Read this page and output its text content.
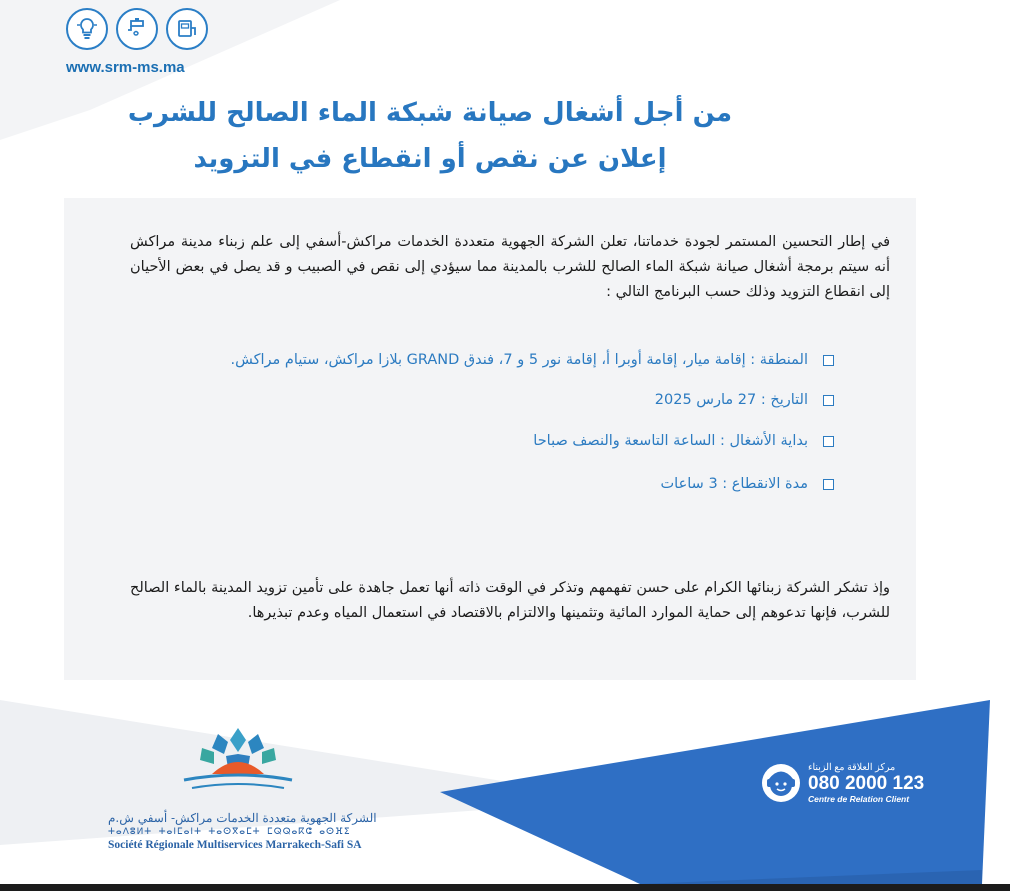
www.srm-ms.ma
من أجل أشغال صيانة شبكة الماء الصالح للشرب
إعلان عن نقص أو انقطاع في التزويد
في إطار التحسين المستمر لجودة خدماتنا، تعلن الشركة الجهوية متعددة الخدمات مراكش-أسفي إلى علم زبناء مدينة مراكش أنه سيتم برمجة أشغال صيانة شبكة الماء الصالح للشرب بالمدينة مما سيؤدي إلى نقص في الصبيب و قد يصل في بعض الأحيان إلى انقطاع التزويد وذلك حسب البرنامج التالي :
المنطقة : إقامة ميار، إقامة أوبرا أ، إقامة نور 5 و 7، فندق GRAND بلازا مراكش، ستيام مراكش.
التاريخ : 27 مارس 2025
بداية الأشغال : الساعة التاسعة والنصف صباحا
مدة الانقطاع : 3 ساعات
وإذ تشكر الشركة زبنائها الكرام على حسن تفهمهم وتذكر في الوقت ذاته أنها تعمل جاهدة على تأمين تزويد المدينة بالماء الصالح للشرب، فإنها تدعوهم إلى حماية الموارد المائية وتثمينها والالتزام بالاقتصاد في استعمال المياه وعدم تبذيرها.
الشركة الجهوية متعددة الخدمات مراكش- أسفي ش.م
ⵜⴰⴷⵓⵍⵜ ⵜⴰⵏⵎⴰⵏⵜ ⵜⴰⵙⴳⴰⵎⵜ ⵎⵕⵕⴰⴽⵛ ⴰⵙⴼⵉ
Société Régionale Multiservices Marrakech-Safi SA
مركز العلاقة مع الزبناء
080 2000 123
Centre de Relation Client
